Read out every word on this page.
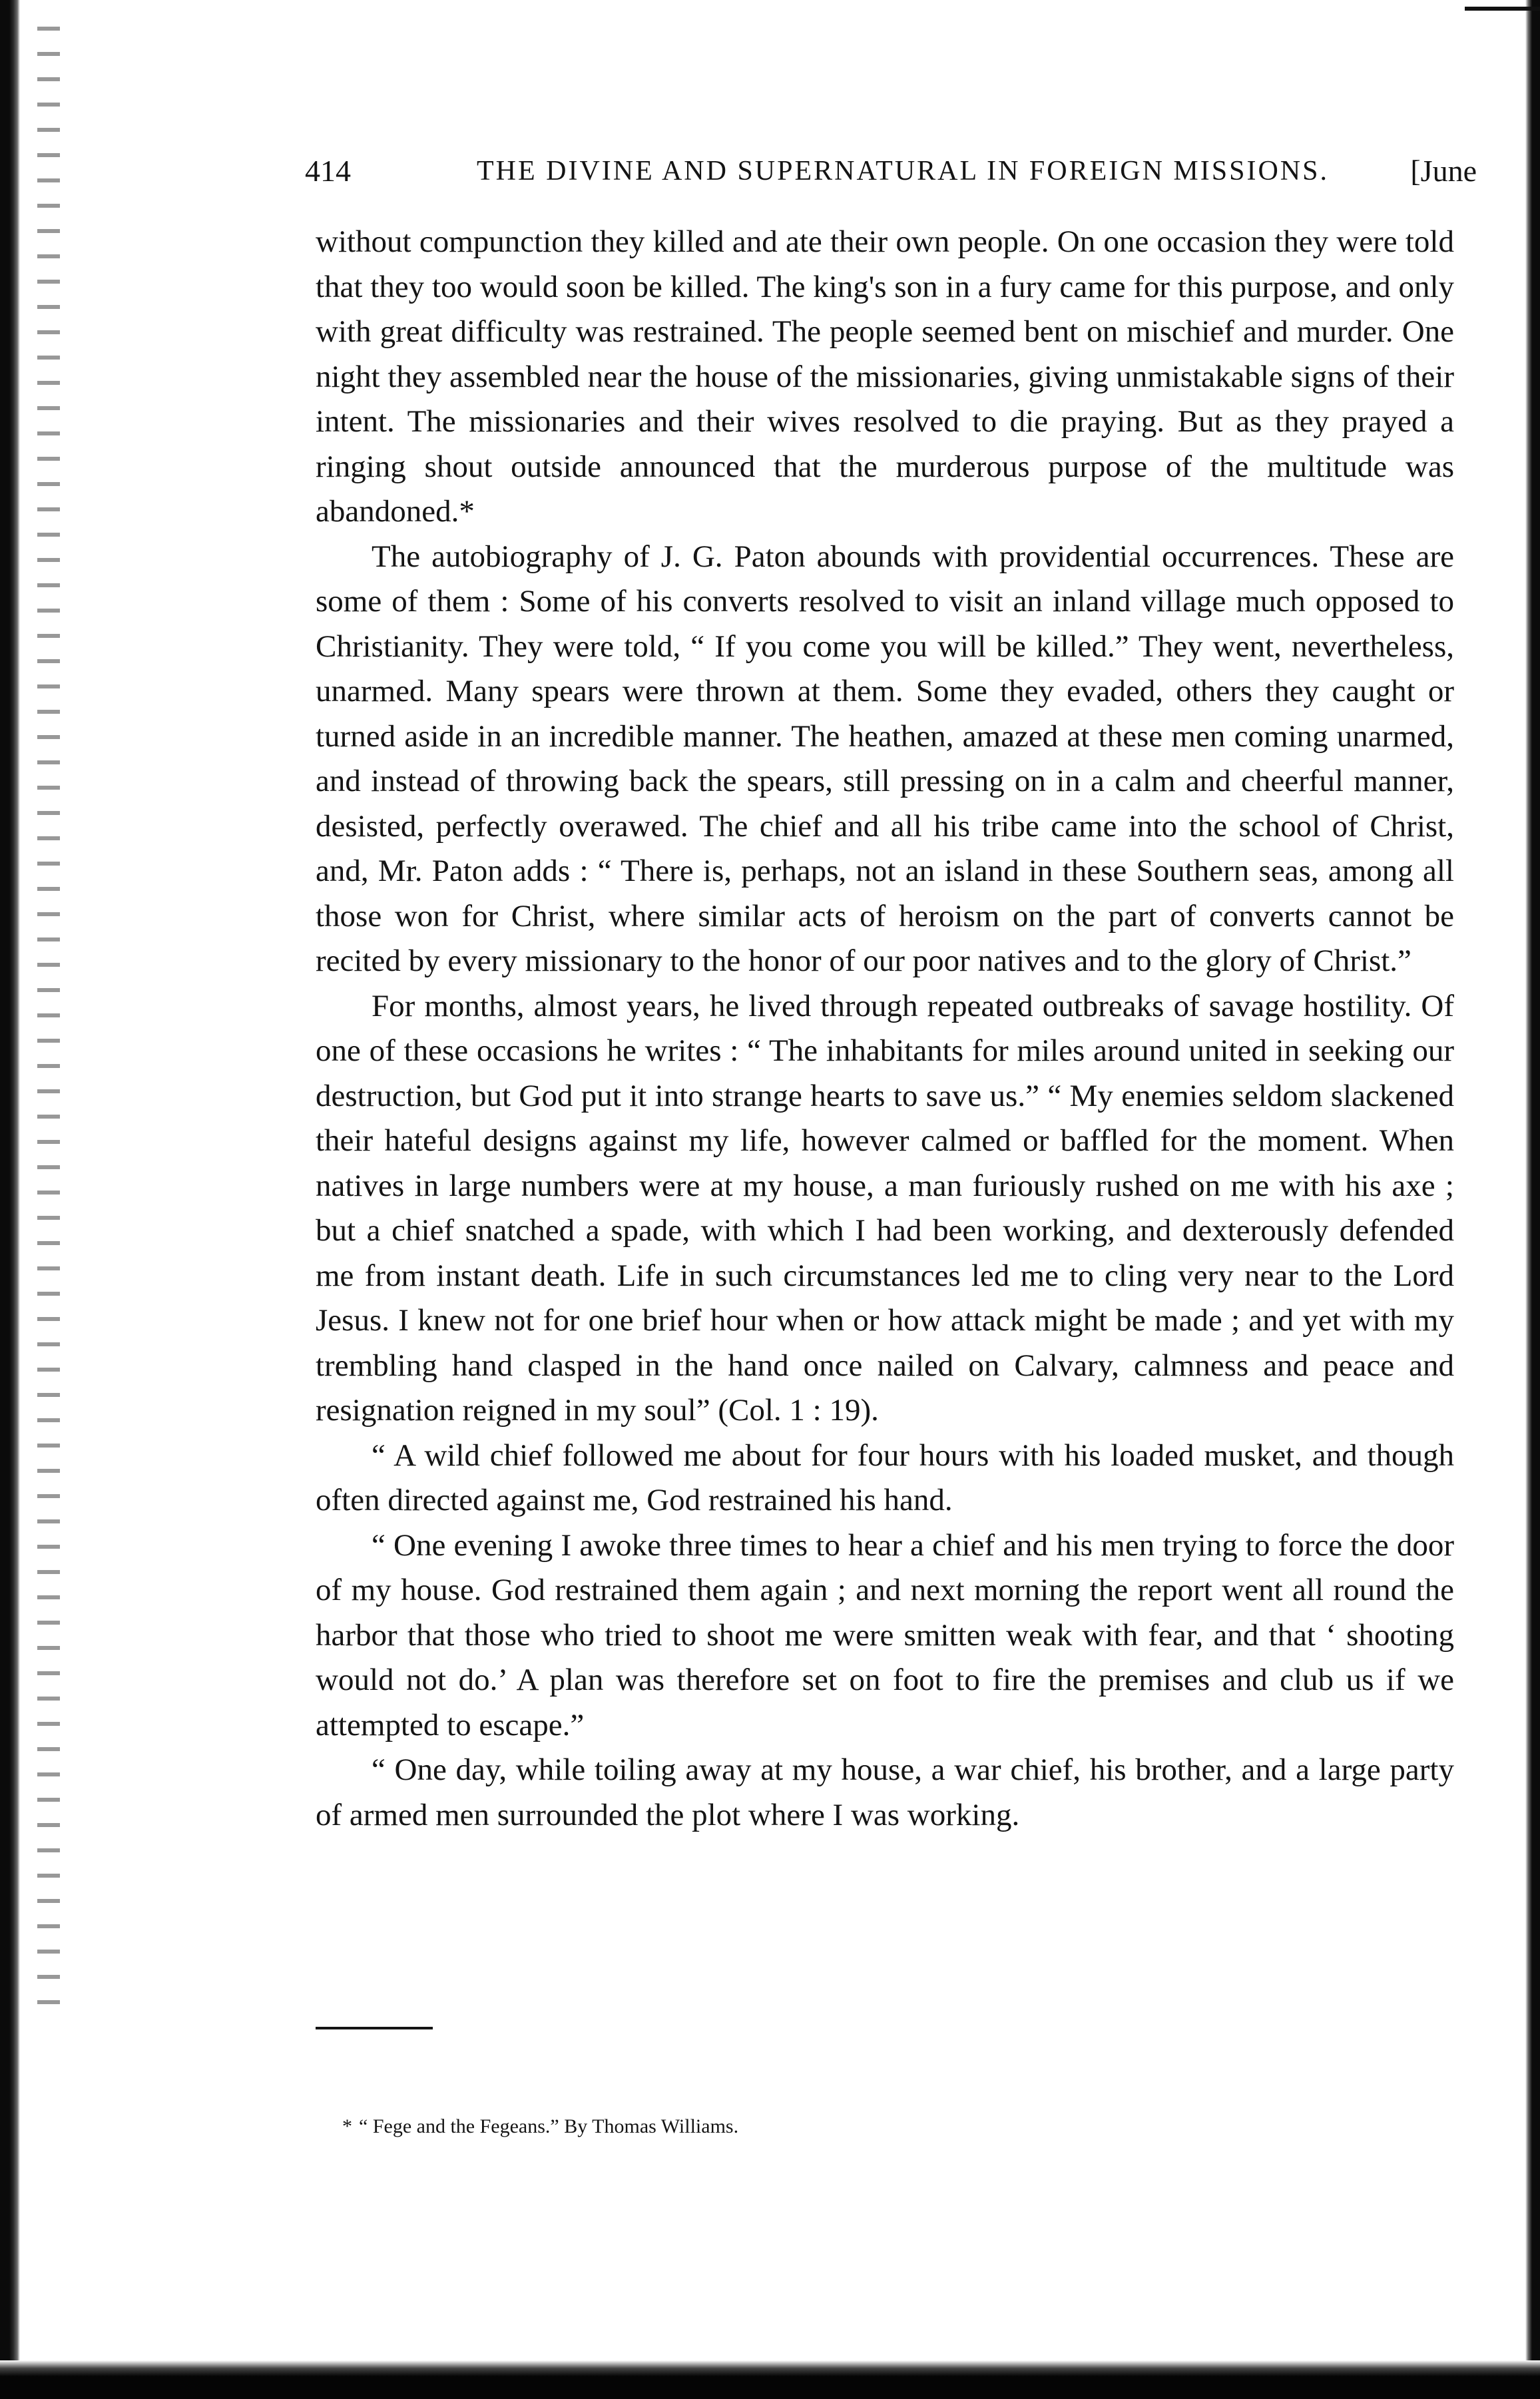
414	THE DIVINE AND SUPERNATURAL IN FOREIGN MISSIONS.	[June

without compunction they killed and ate their own people. On one occasion they were told that they too would soon be killed. The king's son in a fury came for this purpose, and only with great difficulty was restrained. The people seemed bent on mischief and murder. One night they assembled near the house of the missionaries, giving unmistakable signs of their intent. The missionaries and their wives resolved to die praying. But as they prayed a ringing shout outside announced that the murderous purpose of the multitude was abandoned.*

The autobiography of J. G. Paton abounds with providential occurrences. These are some of them : Some of his converts resolved to visit an inland village much opposed to Christianity. They were told, “ If you come you will be killed.” They went, nevertheless, unarmed. Many spears were thrown at them. Some they evaded, others they caught or turned aside in an incredible manner. The heathen, amazed at these men coming unarmed, and instead of throwing back the spears, still pressing on in a calm and cheerful manner, desisted, perfectly overawed. The chief and all his tribe came into the school of Christ, and, Mr. Paton adds : “ There is, perhaps, not an island in these Southern seas, among all those won for Christ, where similar acts of heroism on the part of converts cannot be recited by every missionary to the honor of our poor natives and to the glory of Christ.”

For months, almost years, he lived through repeated outbreaks of savage hostility. Of one of these occasions he writes : “ The inhabitants for miles around united in seeking our destruction, but God put it into strange hearts to save us.” “ My enemies seldom slackened their hateful designs against my life, however calmed or baffled for the moment. When natives in large numbers were at my house, a man furiously rushed on me with his axe ; but a chief snatched a spade, with which I had been working, and dexterously defended me from instant death. Life in such circumstances led me to cling very near to the Lord Jesus. I knew not for one brief hour when or how attack might be made ; and yet with my trembling hand clasped in the hand once nailed on Calvary, calmness and peace and resignation reigned in my soul” (Col. 1 : 19).

“ A wild chief followed me about for four hours with his loaded musket, and though often directed against me, God restrained his hand.

“ One evening I awoke three times to hear a chief and his men trying to force the door of my house. God restrained them again ; and next morning the report went all round the harbor that those who tried to shoot me were smitten weak with fear, and that ‘ shooting would not do.’ A plan was therefore set on foot to fire the premises and club us if we attempted to escape.”

“ One day, while toiling away at my house, a war chief, his brother, and a large party of armed men surrounded the plot where I was working.

* “ Fege and the Fegeans.” By Thomas Williams.
